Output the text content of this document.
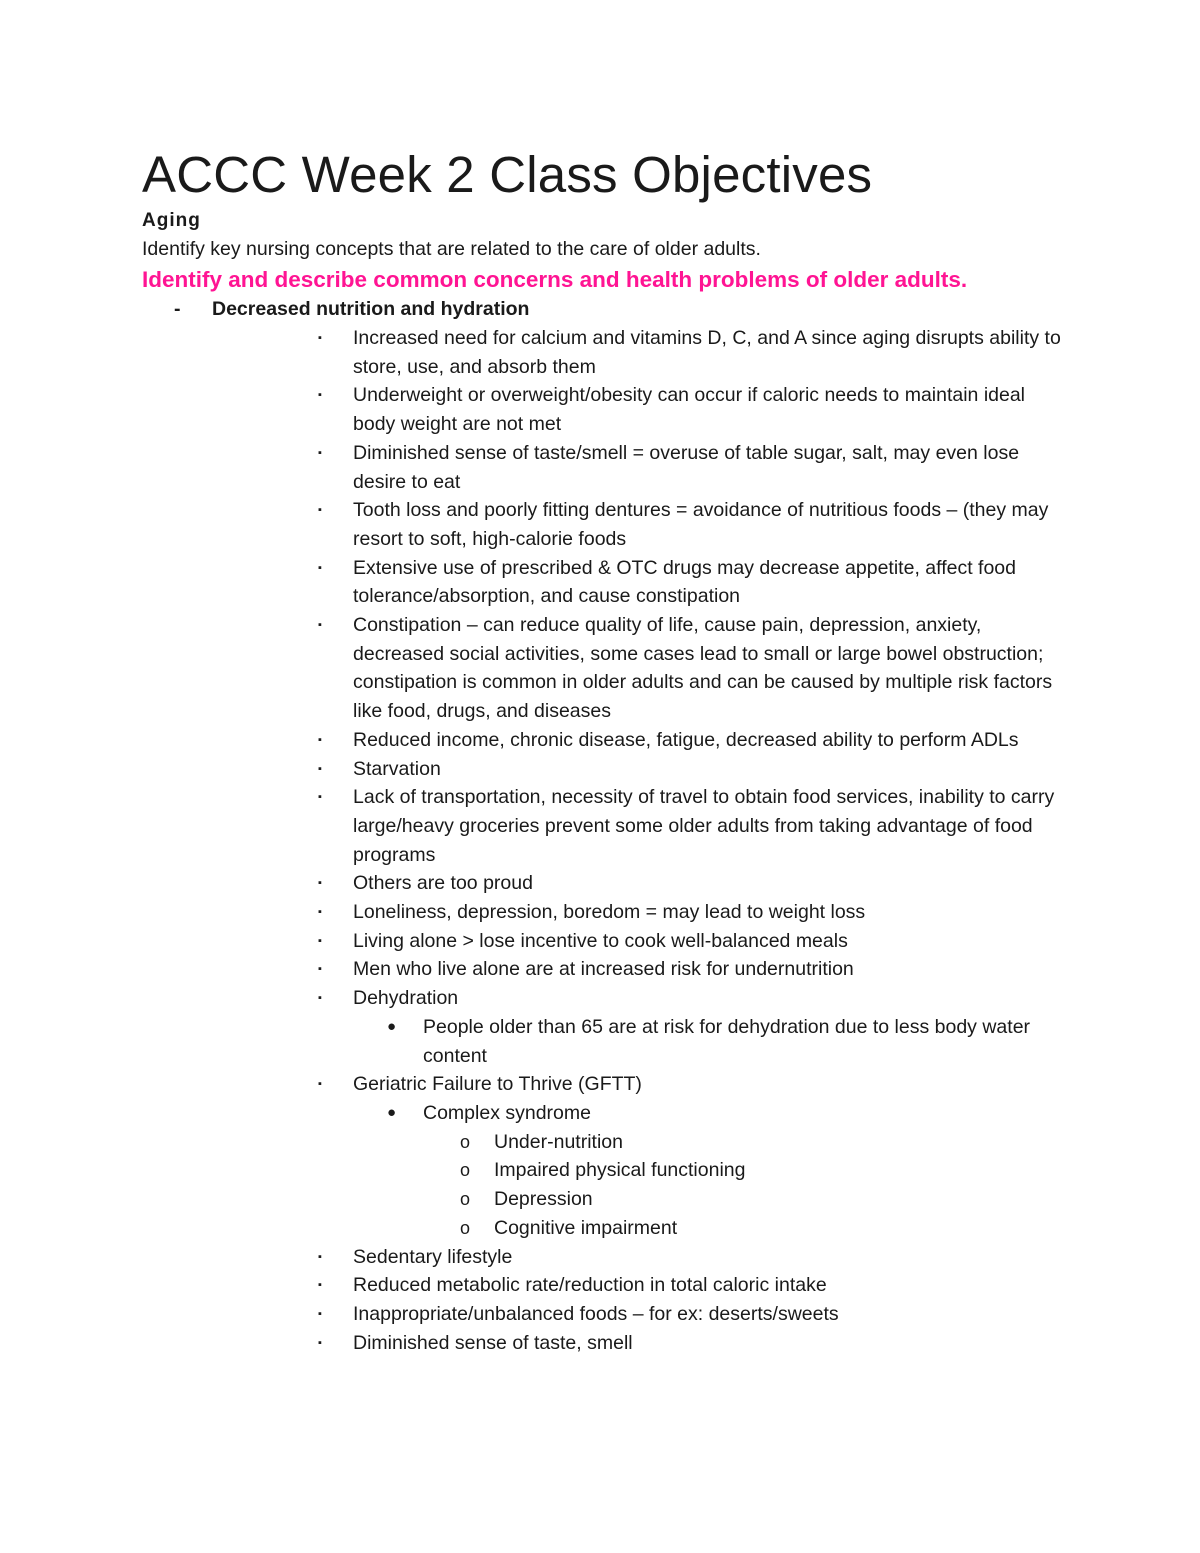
ACCC Week 2 Class Objectives

Aging

Identify key nursing concepts that are related to the care of older adults.

Identify and describe common concerns and health problems of older adults.

- Decreased nutrition and hydration
▪ Increased need for calcium and vitamins D, C, and A since aging disrupts ability to store, use, and absorb them
▪ Underweight or overweight/obesity can occur if caloric needs to maintain ideal body weight are not met
▪ Diminished sense of taste/smell = overuse of table sugar, salt, may even lose desire to eat
▪ Tooth loss and poorly fitting dentures = avoidance of nutritious foods – (they may resort to soft, high-calorie foods
▪ Extensive use of prescribed & OTC drugs may decrease appetite, affect food tolerance/absorption, and cause constipation
▪ Constipation – can reduce quality of life, cause pain, depression, anxiety, decreased social activities, some cases lead to small or large bowel obstruction; constipation is common in older adults and can be caused by multiple risk factors like food, drugs, and diseases
▪ Reduced income, chronic disease, fatigue, decreased ability to perform ADLs
▪ Starvation
▪ Lack of transportation, necessity of travel to obtain food services, inability to carry large/heavy groceries prevent some older adults from taking advantage of food programs
▪ Others are too proud
▪ Loneliness, depression, boredom = may lead to weight loss
▪ Living alone > lose incentive to cook well-balanced meals
▪ Men who live alone are at increased risk for undernutrition
▪ Dehydration
● People older than 65 are at risk for dehydration due to less body water content
▪ Geriatric Failure to Thrive (GFTT)
● Complex syndrome
o Under-nutrition
o Impaired physical functioning
o Depression
o Cognitive impairment
▪ Sedentary lifestyle
▪ Reduced metabolic rate/reduction in total caloric intake
▪ Inappropriate/unbalanced foods – for ex: deserts/sweets
▪ Diminished sense of taste, smell
